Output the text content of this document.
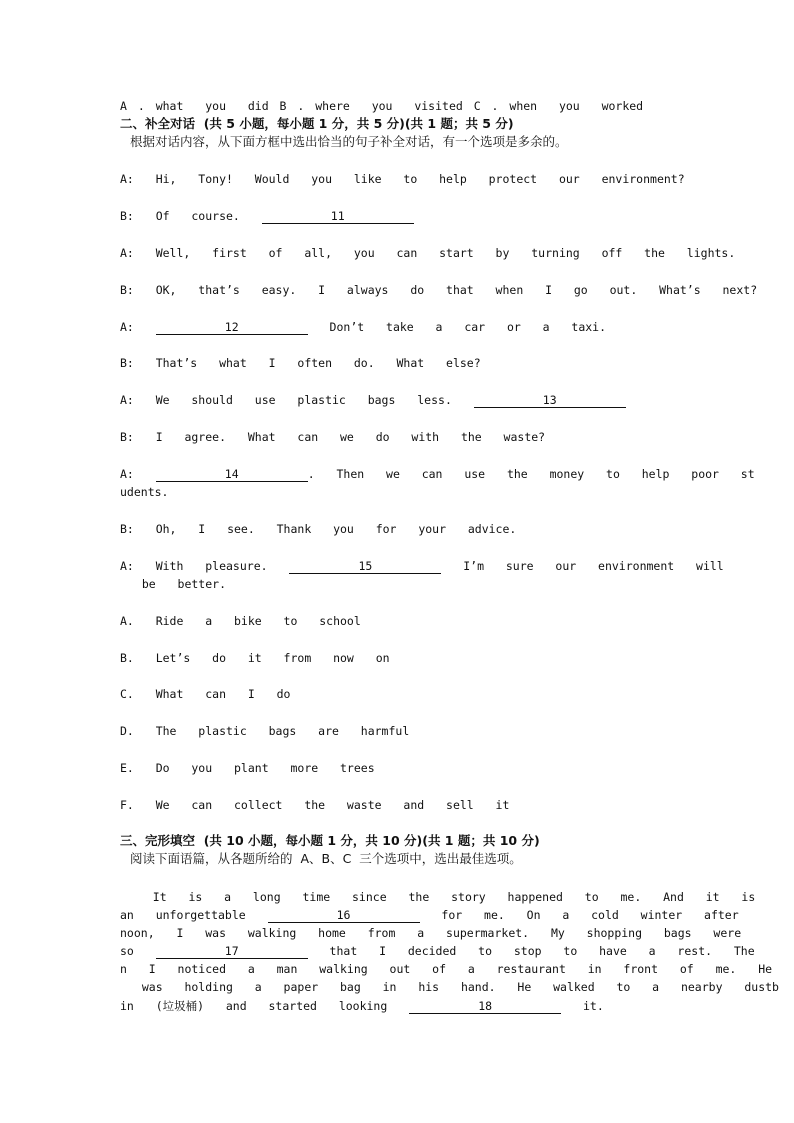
A . what  you  did B . where  you  visited C . when  you  worked
二、补全对话  (共 5 小题，每小题 1 分，共 5 分)(共 1 题；共 5 分)
根据对话内容，从下面方框中选出恰当的句子补全对话，有一个选项是多余的。
A:  Hi,  Tony!  Would  you  like  to  help  protect  our  environment?
B:  Of  course.	11
A:  Well,  first  of  all,  you  can  start  by  turning  off  the  lights.
B:  OK,  that’s  easy.  I  always  do  that  when  I  go  out.  What’s  next?
A:	12	Don’t  take  a  car  or  a  taxi.
B:  That’s  what  I  often  do.  What  else?
A:  We  should  use  plastic  bags  less.	13
B:  I  agree.  What  can  we  do  with  the  waste?
A:	14	.  Then  we  can  use  the  money  to  help  poor  st
udents.
B:  Oh,  I  see.  Thank  you  for  your  advice.
A:  With  pleasure.	15	I’m  sure  our  environment  will
be  better.
A.  Ride  a  bike  to  school
B.  Let’s  do  it  from  now  on
C.  What  can  I  do
D.  The  plastic  bags  are  harmful
E.  Do  you  plant  more  trees
F.  We  can  collect  the  waste  and  sell  it
三、完形填空  (共 10 小题，每小题 1 分，共 10 分)(共 1 题；共 10 分)
阅读下面语篇，从各题所给的  A、B、C  三个选项中，选出最佳选项。
It  is  a  long  time  since  the  story  happened  to  me.  And  it  is
an  unforgettable	16	for  me.  On  a  cold  winter  after
noon,  I  was  walking  home  from  a  supermarket.  My  shopping  bags  were
so	17	that  I  decided  to  stop  to  have  a  rest.  The
n  I  noticed  a  man  walking  out  of  a  restaurant  in  front  of  me.  He
was  holding  a  paper  bag  in  his  hand.  He  walked  to  a  nearby  dustb
in  (垃圾桶)  and  started  looking	18	it.
